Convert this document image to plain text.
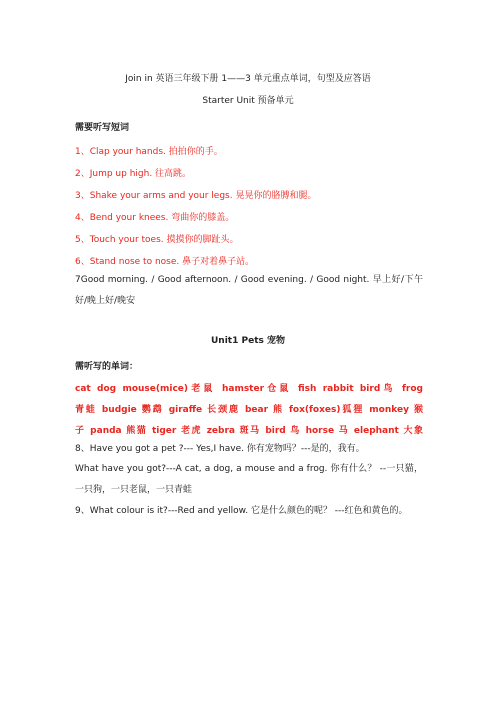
Join in 英语三年级下册 1——3 单元重点单词，句型及应答语
Starter Unit 预备单元
需要听写短词
1、Clap your hands. 拍拍你的手。
2、Jump up high. 往高跳。
3、Shake your arms and your legs. 晃晃你的胳膊和腿。
4、Bend your knees. 弯曲你的膝盖。
5、Touch your toes. 摸摸你的脚趾头。
6、Stand nose to nose. 鼻子对着鼻子站。
7Good morning. / Good afternoon. / Good evening. / Good night. 早上好/下午好/晚上好/晚安
Unit1 Pets 宠物
需听写的单词：
cat dog mouse(mice)老鼠 hamster仓鼠 fish rabbit bird鸟 frog
青蛙 budgie 鹦鹉 giraffe 长颈鹿 bear 熊 fox(foxes)狐狸 monkey 猴
子 panda 熊猫 tiger 老虎 zebra 斑马 bird 鸟 horse 马 elephant 大象
8、Have you got a pet ?--- Yes,I have. 你有宠物吗？---是的，我有。
What have you got?---A cat, a dog, a mouse and a frog. 你有什么？ --一只猫，一只狗，一只老鼠，一只青蛙
9、What colour is it?---Red and yellow. 它是什么颜色的呢？ ---红色和黄色的。
